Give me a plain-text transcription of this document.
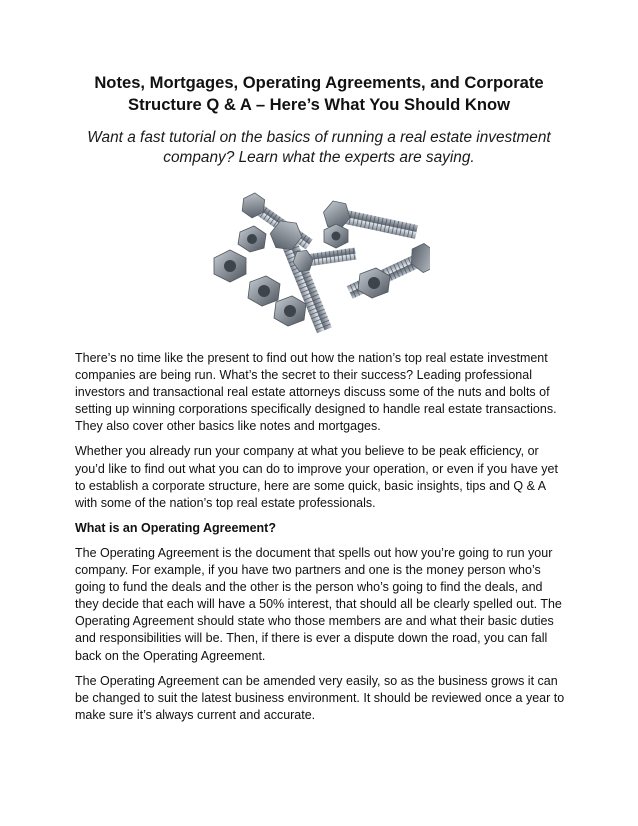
Notes, Mortgages, Operating Agreements, and Corporate Structure Q & A – Here’s What You Should Know

Want a fast tutorial on the basics of running a real estate investment company? Learn what the experts are saying.

There’s no time like the present to find out how the nation’s top real estate investment companies are being run. What’s the secret to their success? Leading professional investors and transactional real estate attorneys discuss some of the nuts and bolts of setting up winning corporations specifically designed to handle real estate transactions. They also cover other basics like notes and mortgages.

Whether you already run your company at what you believe to be peak efficiency, or you’d like to find out what you can do to improve your operation, or even if you have yet to establish a corporate structure, here are some quick, basic insights, tips and Q & A with some of the nation’s top real estate professionals.

What is an Operating Agreement?

The Operating Agreement is the document that spells out how you’re going to run your company. For example, if you have two partners and one is the money person who’s going to fund the deals and the other is the person who’s going to find the deals, and they decide that each will have a 50% interest, that should all be clearly spelled out. The Operating Agreement should state who those members are and what their basic duties and responsibilities will be. Then, if there is ever a dispute down the road, you can fall back on the Operating Agreement.

The Operating Agreement can be amended very easily, so as the business grows it can be changed to suit the latest business environment. It should be reviewed once a year to make sure it’s always current and accurate.
